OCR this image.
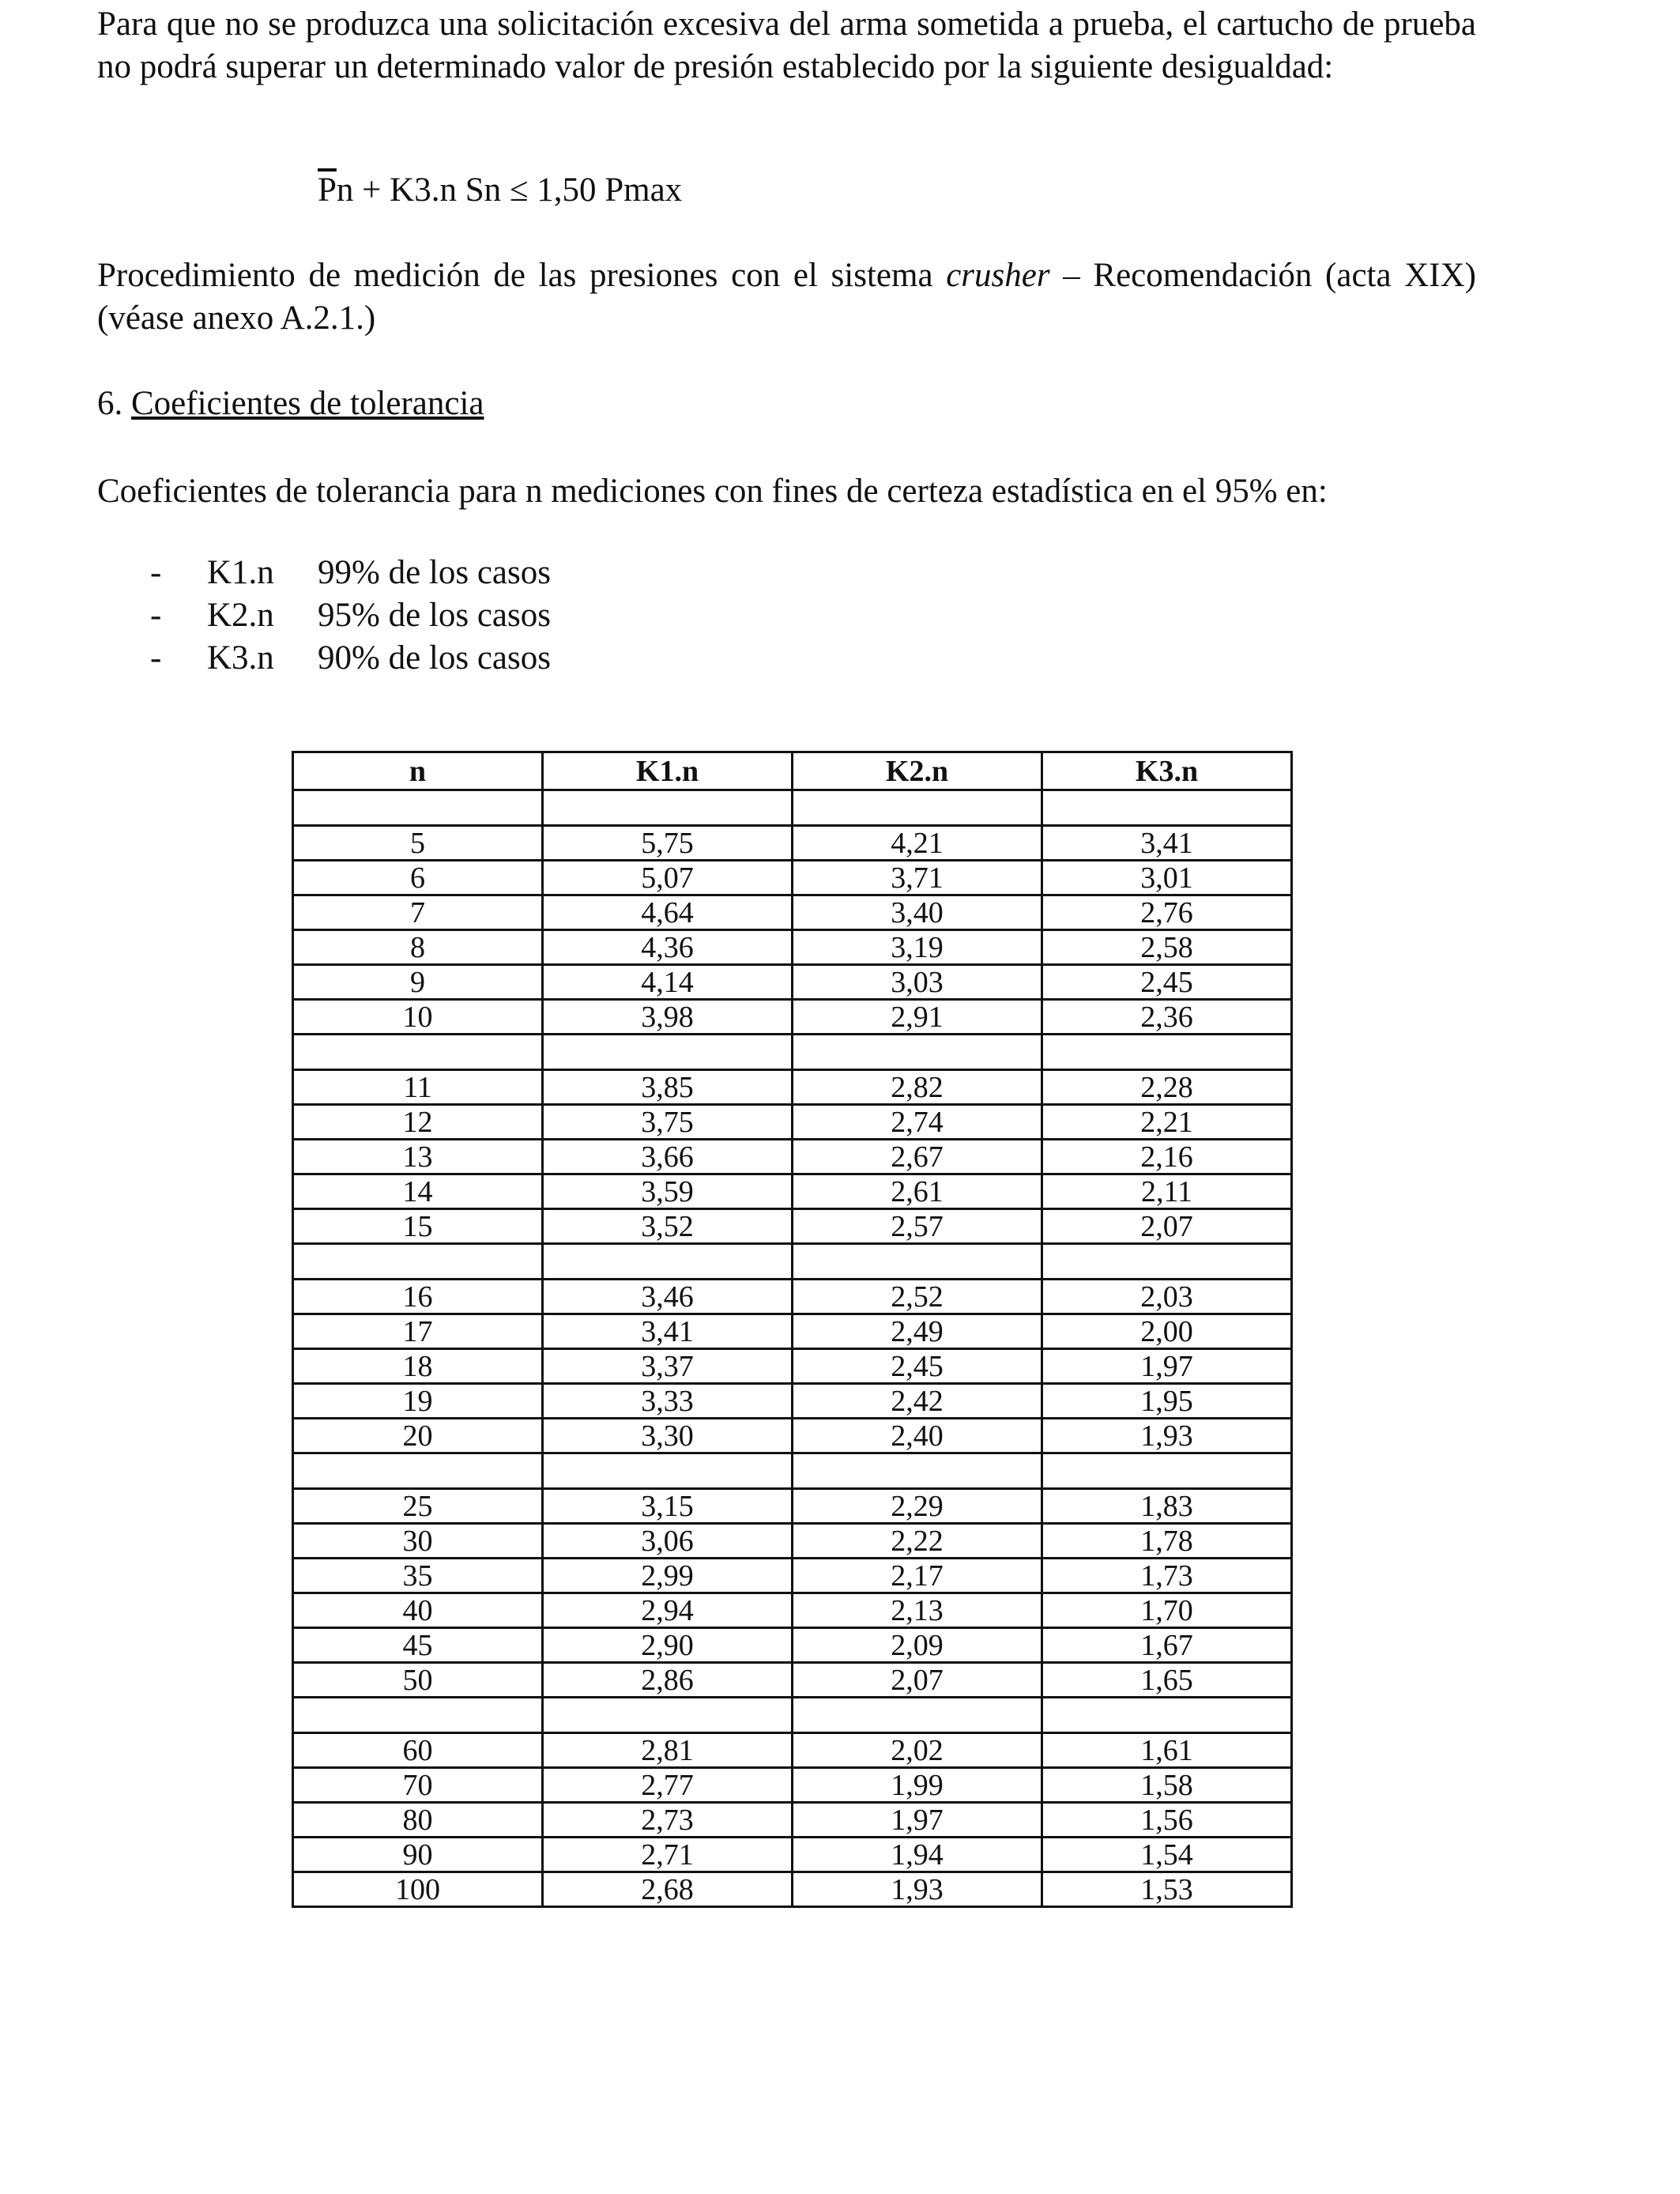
Para que no se produzca una solicitación excesiva del arma sometida a prueba, el cartucho de prueba no podrá superar un determinado valor de presión establecido por la siguiente desigualdad:
$\overline{P}n + K3.n$ Sn ≤ 1,50 Pmax
Procedimiento de medición de las presiones con el sistema crusher – Recomendación (acta XIX) (véase anexo A.2.1.)
6. Coeficientes de tolerancia
Coeficientes de tolerancia para n mediciones con fines de certeza estadística en el 95% en:
- K1.n 99% de los casos
- K2.n 95% de los casos
- K3.n 90% de los casos
n	K1.n	K2.n	K3.n

5	5,75	4,21	3,41
6	5,07	3,71	3,01
7	4,64	3,40	2,76
8	4,36	3,19	2,58
9	4,14	3,03	2,45
10	3,98	2,91	2,36

11	3,85	2,82	2,28
12	3,75	2,74	2,21
13	3,66	2,67	2,16
14	3,59	2,61	2,11
15	3,52	2,57	2,07

16	3,46	2,52	2,03
17	3,41	2,49	2,00
18	3,37	2,45	1,97
19	3,33	2,42	1,95
20	3,30	2,40	1,93

25	3,15	2,29	1,83
30	3,06	2,22	1,78
35	2,99	2,17	1,73
40	2,94	2,13	1,70
45	2,90	2,09	1,67
50	2,86	2,07	1,65

60	2,81	2,02	1,61
70	2,77	1,99	1,58
80	2,73	1,97	1,56
90	2,71	1,94	1,54
100	2,68	1,93	1,53
